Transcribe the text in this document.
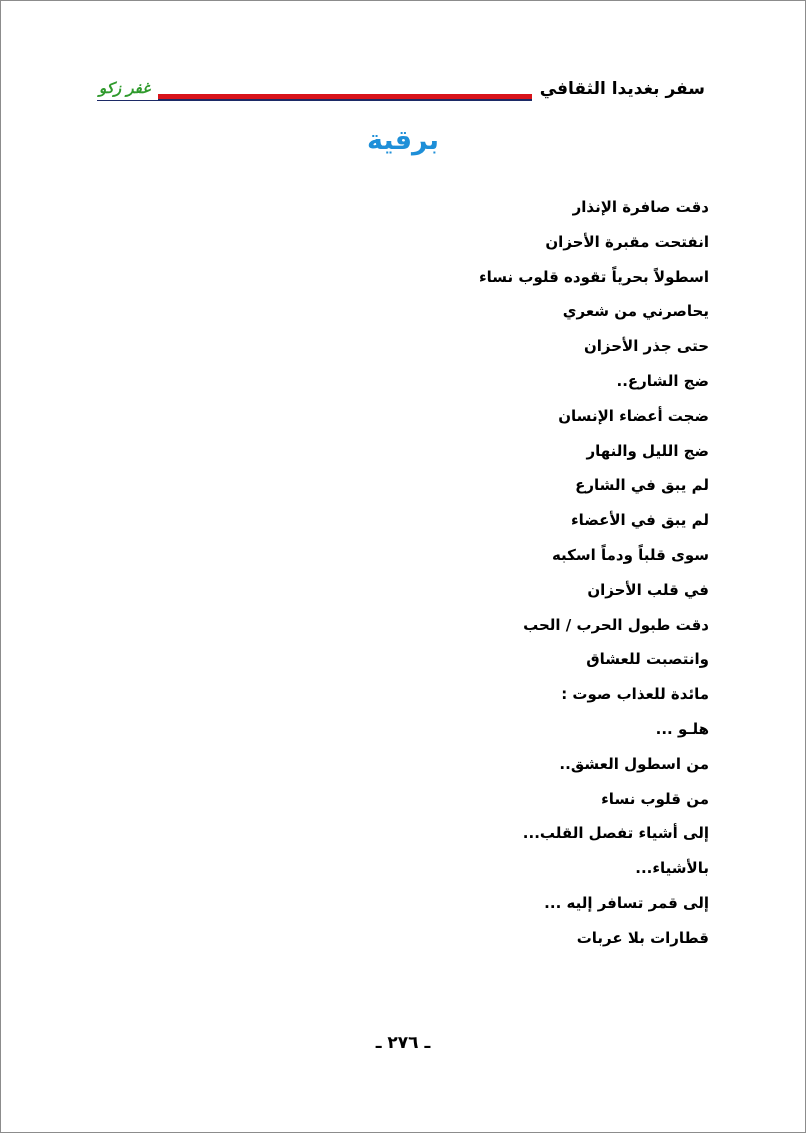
سفر بغديدا الثقافي
غفر زكو
برقية
دقت صافرة الإنذار
انفتحت مقبرة الأحزان
اسطولاً بحرياً تقوده قلوب نساء
يحاصرني من شعري
حتى جذر الأحزان
ضج الشارع..
ضجت أعضاء الإنسان
ضج الليل والنهار
لم يبق في الشارع
لم يبق في الأعضاء
سوى قلباً ودماً اسكبه
في قلب الأحزان
دقت طبول الحرب / الحب
وانتصبت للعشاق
مائدة للعذاب صوت :
هلـو ...
من اسطول العشق..
من قلوب نساء
إلى أشياء تفصل القلب...
بالأشياء...
إلى قمر تسافر إليه ...
قطارات بلا عربات
ـ ٢٧٦ ـ
